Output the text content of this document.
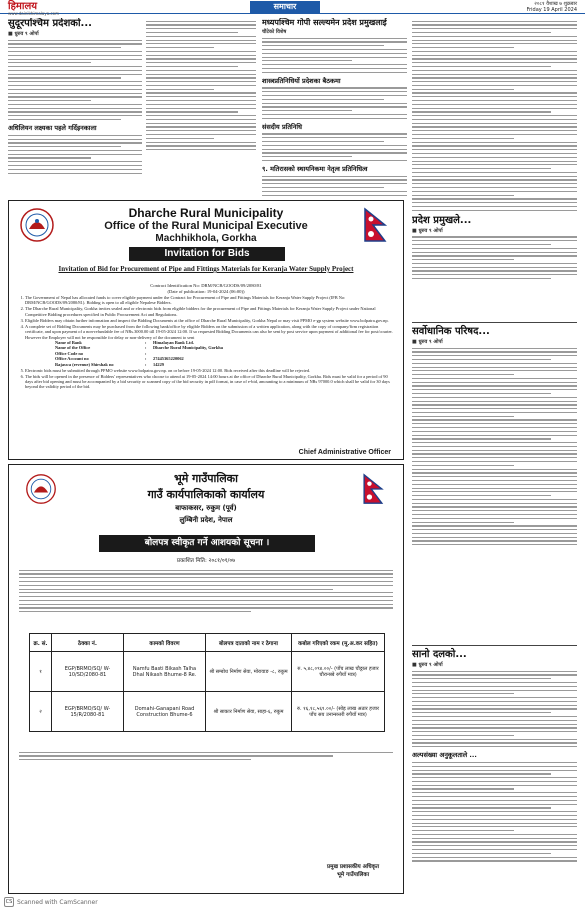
हिमालय
www.dainikhimalaya.com
समाचार	२०८१ वैशाख ७ शुक्रबार
Friday 19 April 2024
सुदूरपश्चिम प्रदेशको...
■ धुरुव ९ ओर्पा
अधिलियन लक्ष्यका पहले गर्दिइनकाला
मध्यपश्चिम गोपी सल्ल्यमेन प्रदेश प्रमुखलाई
चौटेको विशेष
शास्त्रप्रतिनिधियों प्रदेशका बैठकमा
संसदीय प्रतिनिधि
९. मतिरासको स्थायनिकमा नेतृत्व प्रतिनिधित्व
प्रदेश प्रमुखले...
■ धुरुव ९ ओर्पा
सर्वोधानिक परिषद...
■ धुरुव ९ ओर्पा
सानो दलको...
■ धुरुव ९ ओर्पा
अल्पसंख्या अनुकूलताले ...
Dharche Rural Municipality
Office of the Rural Municipal Executive
Machhikhola, Gorkha
Invitation for Bids
Invitation of Bid for Procurement of Pipe and Fittings Materials for Keranja Water Supply Project
Contract Identification No: DRM/NCB/GOODS/09/2080/81
(Date of publication: 19-04-2024 (06:00))
1. The Government of Nepal has allocated funds to cover eligible payment under the Contract for Procurement of Pipe and Fittings Materials for Keranja Water Supply Project (IFB No: DRM/NCB/GOODS/09/2080/81). Bidding is open to all eligible Nepalese Bidders.
2. The Dharche Rural Municipality, Gorkha invites sealed and or electronic bids from eligible bidders for the procurement of Pipe and Fittings Materials for Keranja Water Supply Project under National Competitive Bidding procedures specified in Public Procurement Act and Regulations.
3. Eligible Bidders may obtain further information and inspect the Bidding Documents at the office of Dharche Rural Municipality, Gorkha Nepal or may visit PPMO e-gp system website www.bolpatra.gov.np.
4. A complete set of Bidding Documents may be purchased from the following bank/office by eligible Bidders on the submission of a written application, along with the copy of company/firm registration certificate, and upon payment of a non-refundable fee of NRs.3000.00 till 19-05-2024 12:00. If so requested Bidding Documents can also be sent by post service upon payment of additional fee for post/courier. However the Employer will not be responsible for delay or non-delivery of the document to sent
Name of Bank	:	Himalayan Bank Ltd.
Name of the Office	:	Dharche Rural Municipality, Gorkha
Office Code no	:
Office Account no	:	27445365220062
Rajaswa (revenue) Shirshak no	:	14229
5. Electronic bids must be submitted through PPMO website www.bolpatra.gov.np. on or before 19-05-2024 12:00. Bids received after this deadline will be rejected.
6. The bids will be opened in the presence of Bidders' representatives who choose to attend at 19-05-2024 14:00 hours at the office of Dharche Rural Municipality, Gorkha. Bids must be valid for a period of 90 days after bid opening and must be accompanied by a bid security or scanned copy of the bid security in pdf format, in case of e-bid, amounting to a minimum of NRs 97000.0 which shall be valid for 30 days beyond the validity period of the bid.
Chief Administrative Officer
भूमे गाउँपालिका
गाउँ कार्यपालिकाको कार्यालय
बाफाकसर, रुकुम (पूर्व)
लुम्बिनी प्रदेश, नेपाल
बोलपत्र स्वीकृत गर्ने आशयको सूचना ।
प्रकाशित मिति: २०८१/०१/०७
क्र. सं.	ठेक्का नं.	कामको विवरण	बोलपत्र दाताको नाम र ठेगाना	कबोल गरिएको रकम (मू.अ.कर सहित)
१	EGP/BRMO/SQ/ W-10/SD/2080-81	Namfu Basti Bikash Talha Dhal Nikash Bhume-8 Re.	श्री सम्बोध निर्माण सेवा, मोरावाङ -८, रुकुम	रु. ५,४८,०९४.००/- (पाँच लाख चौठ्ठाल हजार चौरानब्बे रुपैयाँ मात्र)
२	EGP/BRMO/SQ/ W-15/R/2080-81	Domahi-Ganapani Road Construction Bhume-6	श्री साकार निर्माण सेवा, साहा-६, रुकुम	रु. १६,१८,५६९.००/- (सोह्र लाख अठार हजार पाँच सय उनान्सत्तरी रुपैयाँ मात्र)
प्रमुख प्रशासकीय अधिकृत
भूमे गाउँपालिका
CS Scanned with CamScanner
